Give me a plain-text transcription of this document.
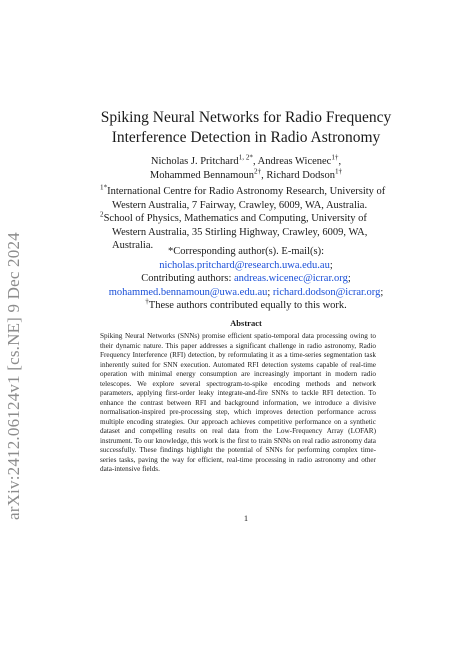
arXiv:2412.06124v1 [cs.NE] 9 Dec 2024
Spiking Neural Networks for Radio Frequency
Interference Detection in Radio Astronomy
Nicholas J. Pritchard$^{1, 2*}$, Andreas Wicenec$^{1\dagger}$,
Mohammed Bennamoun$^{2\dagger}$, Richard Dodson$^{1\dagger}$

$^{1*}$International Centre for Radio Astronomy Research, University of Western Australia, 7 Fairway, Crawley, 6009, WA, Australia.

$^2$School of Physics, Mathematics and Computing, University of Western Australia, 35 Stirling Highway, Crawley, 6009, WA, Australia.

*Corresponding author(s). E-mail(s):
nicholas.pritchard@research.uwa.edu.au;
Contributing authors: andreas.wicenec@icrar.org;
mohammed.bennamoun@uwa.edu.au; richard.dodson@icrar.org;
†These authors contributed equally to this work.
Abstract
Spiking Neural Networks (SNNs) promise efficient spatio-temporal data processing owing to their dynamic nature. This paper addresses a significant challenge in radio astronomy, Radio Frequency Interference (RFI) detection, by reformulating it as a time-series segmentation task inherently suited for SNN execution. Automated RFI detection systems capable of real-time operation with minimal energy consumption are increasingly important in modern radio telescopes. We explore several spectrogram-to-spike encoding methods and network parameters, applying first-order leaky integrate-and-fire SNNs to tackle RFI detection. To enhance the contrast between RFI and background information, we introduce a divisive normalisation-inspired pre-processing step, which improves detection performance across multiple encoding strategies. Our approach achieves competitive performance on a synthetic dataset and compelling results on real data from the Low-Frequency Array (LOFAR) instrument. To our knowledge, this work is the first to train SNNs on real radio astronomy data successfully. These findings highlight the potential of SNNs for performing complex time-series tasks, paving the way for efficient, real-time processing in radio astronomy and other data-intensive fields.
1
